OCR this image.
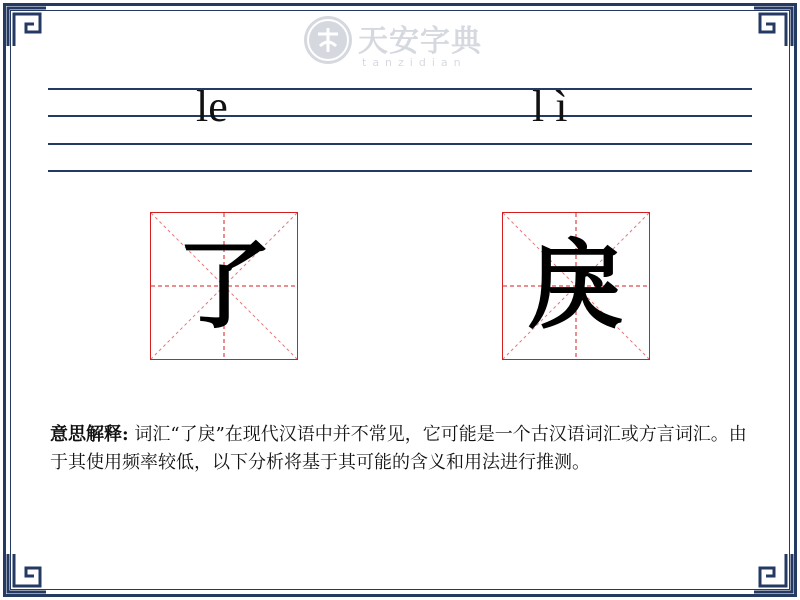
天安字典
tanzidian
le	l ì
了	戾
意思解释: 词汇“了戾”在现代汉语中并不常见，它可能是一个古汉语词汇或方言词汇。由于其使用频率较低，以下分析将基于其可能的含义和用法进行推测。
